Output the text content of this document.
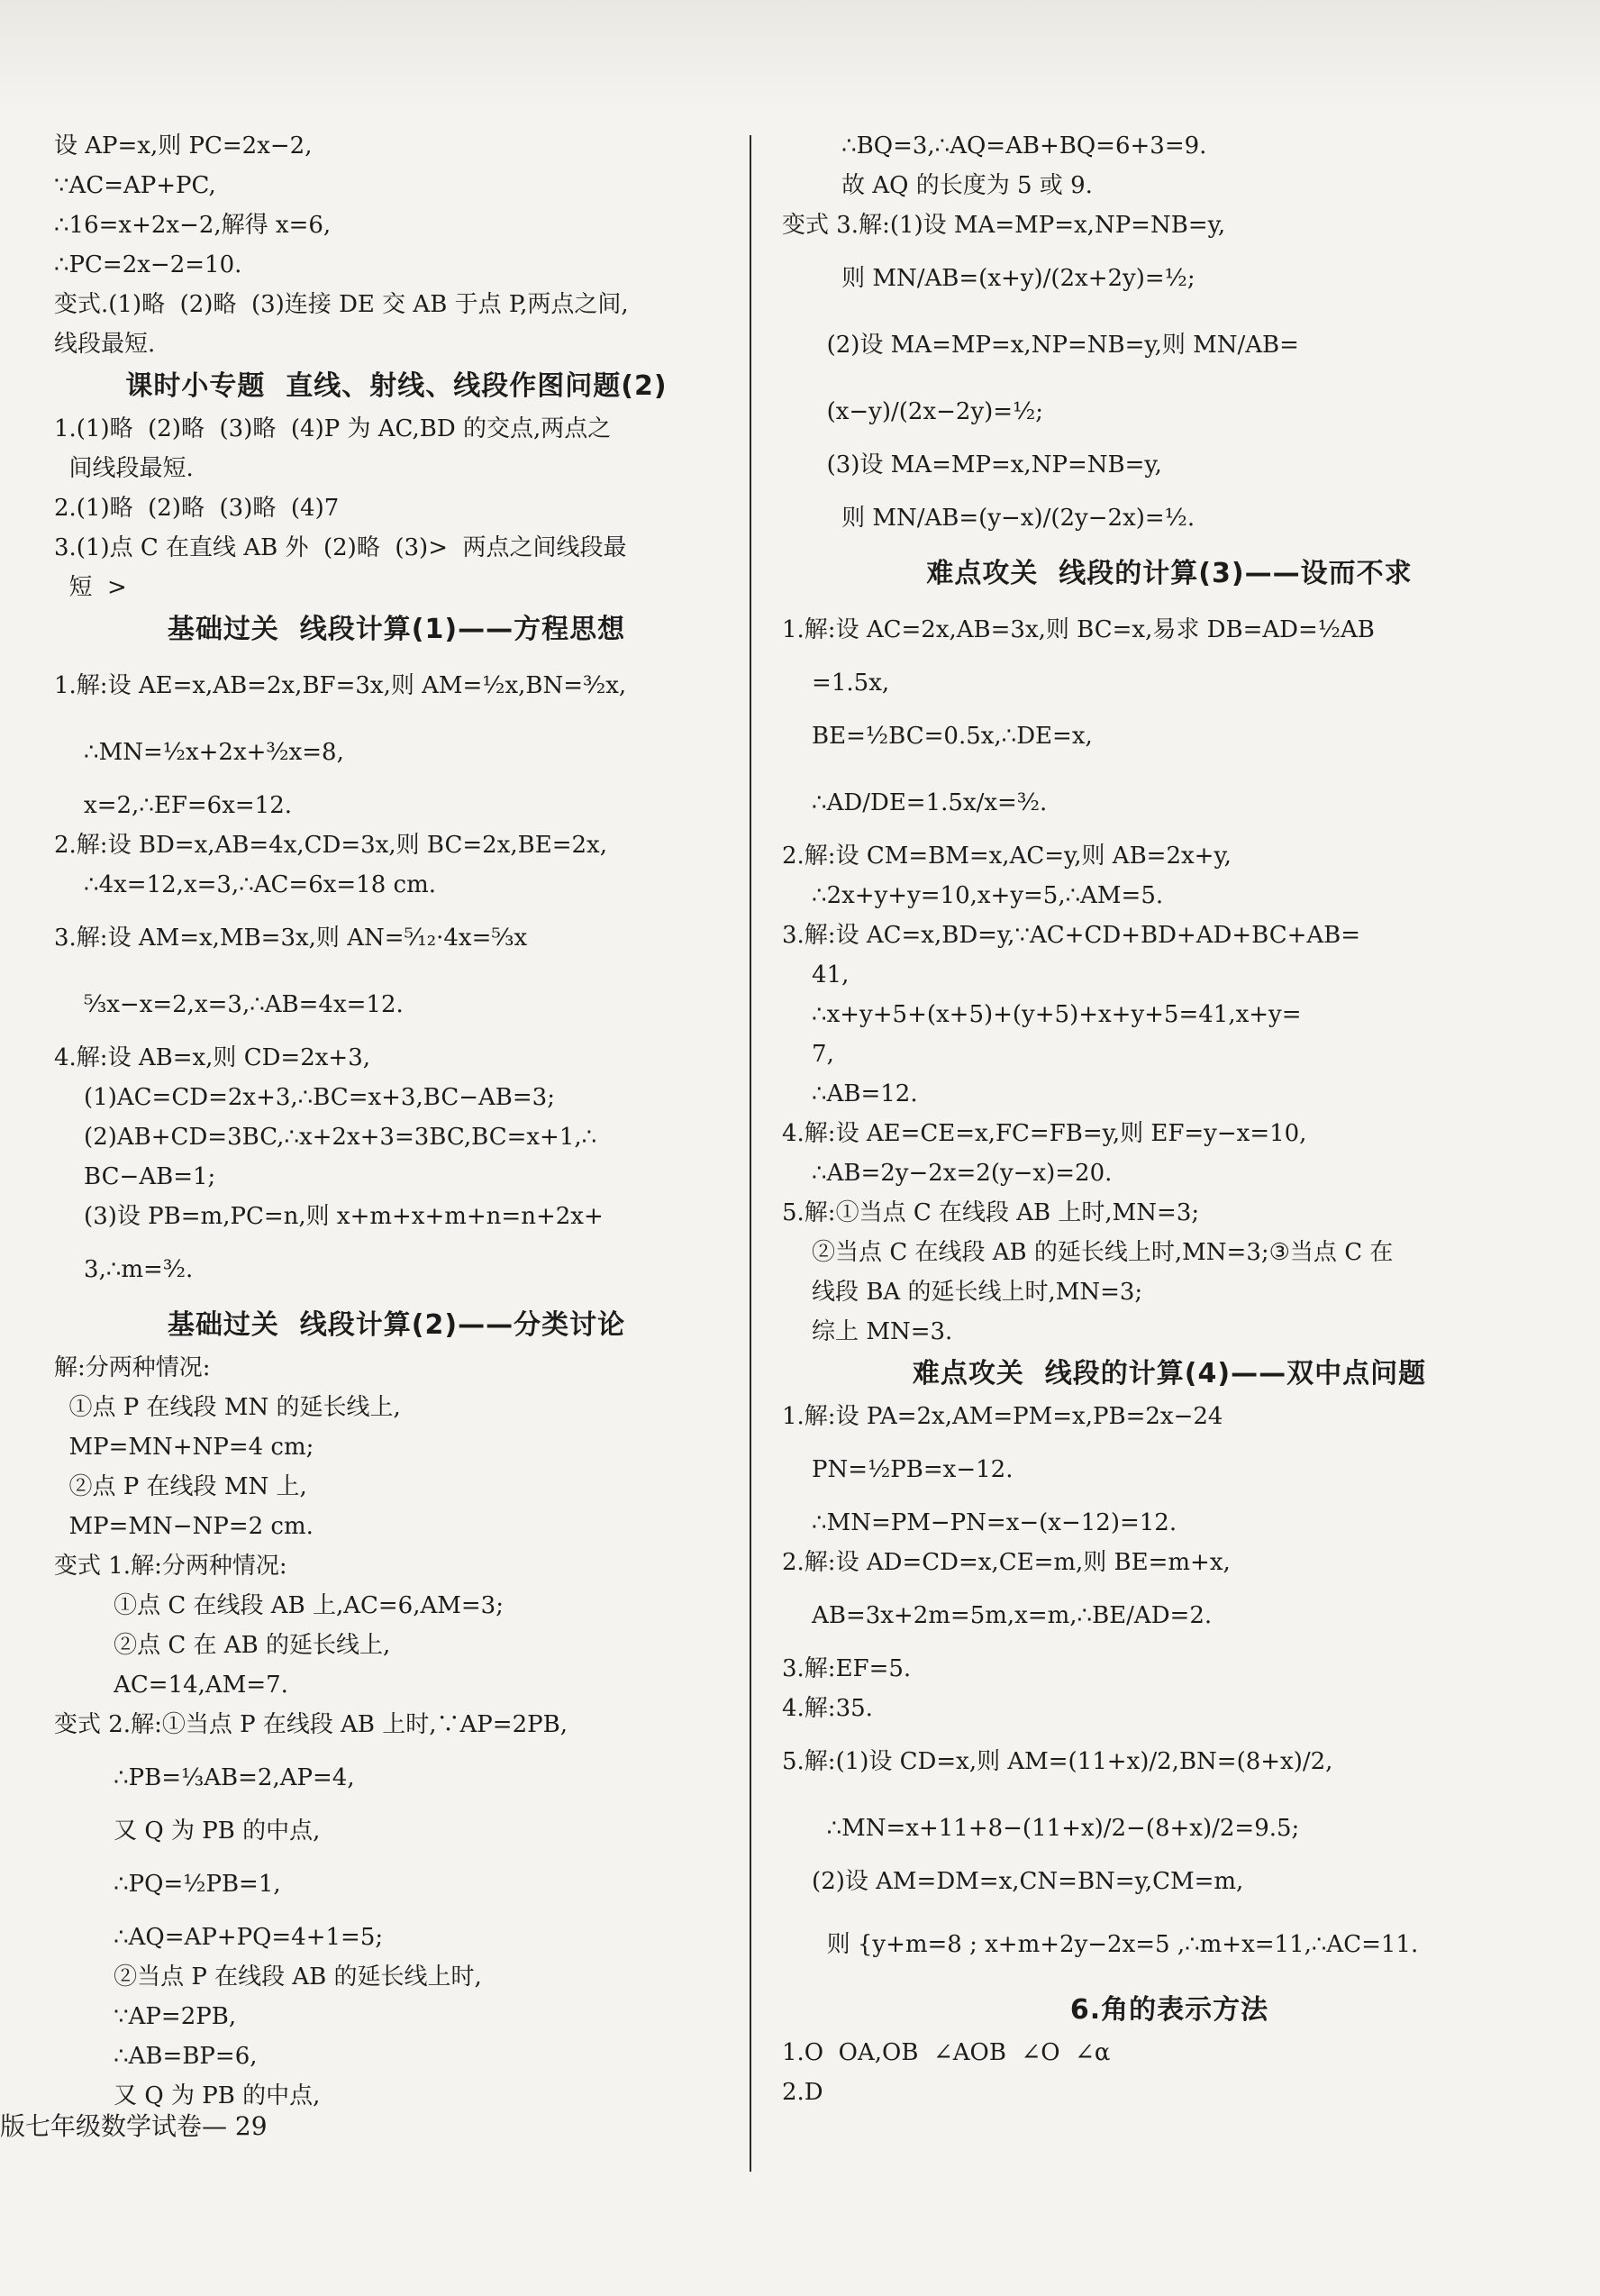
设 AP=x,则 PC=2x−2,
∵AC=AP+PC,
∴16=x+2x−2,解得 x=6,
∴PC=2x−2=10.
变式.(1)略  (2)略  (3)连接 DE 交 AB 于点 P,两点之间,
线段最短.
课时小专题  直线、射线、线段作图问题(2)
1.(1)略  (2)略  (3)略  (4)P 为 AC,BD 的交点,两点之
间线段最短.
2.(1)略  (2)略  (3)略  (4)7
3.(1)点 C 在直线 AB 外  (2)略  (3)>  两点之间线段最
短  >
基础过关  线段计算(1)——方程思想
1.解:设 AE=x,AB=2x,BF=3x,则 AM=½x,BN=³⁄₂x,
∴MN=½x+2x+³⁄₂x=8,
x=2,∴EF=6x=12.
2.解:设 BD=x,AB=4x,CD=3x,则 BC=2x,BE=2x,
∴4x=12,x=3,∴AC=6x=18 cm.
3.解:设 AM=x,MB=3x,则 AN=⁵⁄₁₂·4x=⁵⁄₃x
⁵⁄₃x−x=2,x=3,∴AB=4x=12.
4.解:设 AB=x,则 CD=2x+3,
(1)AC=CD=2x+3,∴BC=x+3,BC−AB=3;
(2)AB+CD=3BC,∴x+2x+3=3BC,BC=x+1,∴
BC−AB=1;
(3)设 PB=m,PC=n,则 x+m+x+m+n=n+2x+
3,∴m=³⁄₂.
基础过关  线段计算(2)——分类讨论
解:分两种情况:
①点 P 在线段 MN 的延长线上,
MP=MN+NP=4 cm;
②点 P 在线段 MN 上,
MP=MN−NP=2 cm.
变式 1.解:分两种情况:
①点 C 在线段 AB 上,AC=6,AM=3;
②点 C 在 AB 的延长线上,
AC=14,AM=7.
变式 2.解:①当点 P 在线段 AB 上时,∵AP=2PB,
∴PB=⅓AB=2,AP=4,
又 Q 为 PB 的中点,
∴PQ=½PB=1,
∴AQ=AP+PQ=4+1=5;
②当点 P 在线段 AB 的延长线上时,
∵AP=2PB,
∴AB=BP=6,
又 Q 为 PB 的中点,
∴BQ=3,∴AQ=AB+BQ=6+3=9.
故 AQ 的长度为 5 或 9.
变式 3.解:(1)设 MA=MP=x,NP=NB=y,
则 MN/AB=(x+y)/(2x+2y)=½;
(2)设 MA=MP=x,NP=NB=y,则 MN/AB=
(x−y)/(2x−2y)=½;
(3)设 MA=MP=x,NP=NB=y,
则 MN/AB=(y−x)/(2y−2x)=½.
难点攻关  线段的计算(3)——设而不求
1.解:设 AC=2x,AB=3x,则 BC=x,易求 DB=AD=½AB
=1.5x,
BE=½BC=0.5x,∴DE=x,
∴AD/DE=1.5x/x=³⁄₂.
2.解:设 CM=BM=x,AC=y,则 AB=2x+y,
∴2x+y+y=10,x+y=5,∴AM=5.
3.解:设 AC=x,BD=y,∵AC+CD+BD+AD+BC+AB=
41,
∴x+y+5+(x+5)+(y+5)+x+y+5=41,x+y=
7,
∴AB=12.
4.解:设 AE=CE=x,FC=FB=y,则 EF=y−x=10,
∴AB=2y−2x=2(y−x)=20.
5.解:①当点 C 在线段 AB 上时,MN=3;
②当点 C 在线段 AB 的延长线上时,MN=3;③当点 C 在
线段 BA 的延长线上时,MN=3;
综上 MN=3.
难点攻关  线段的计算(4)——双中点问题
1.解:设 PA=2x,AM=PM=x,PB=2x−24
PN=½PB=x−12.
∴MN=PM−PN=x−(x−12)=12.
2.解:设 AD=CD=x,CE=m,则 BE=m+x,
AB=3x+2m=5m,x=m,∴BE/AD=2.
3.解:EF=5.
4.解:35.
5.解:(1)设 CD=x,则 AM=(11+x)/2,BN=(8+x)/2,
∴MN=x+11+8−(11+x)/2−(8+x)/2=9.5;
(2)设 AM=DM=x,CN=BN=y,CM=m,
则 {y+m=8 ; x+m+2y−2x=5 ,∴m+x=11,∴AC=11.
6.角的表示方法
1.O  OA,OB  ∠AOB  ∠O  ∠α
2.D
版七年级数学试卷— 29
